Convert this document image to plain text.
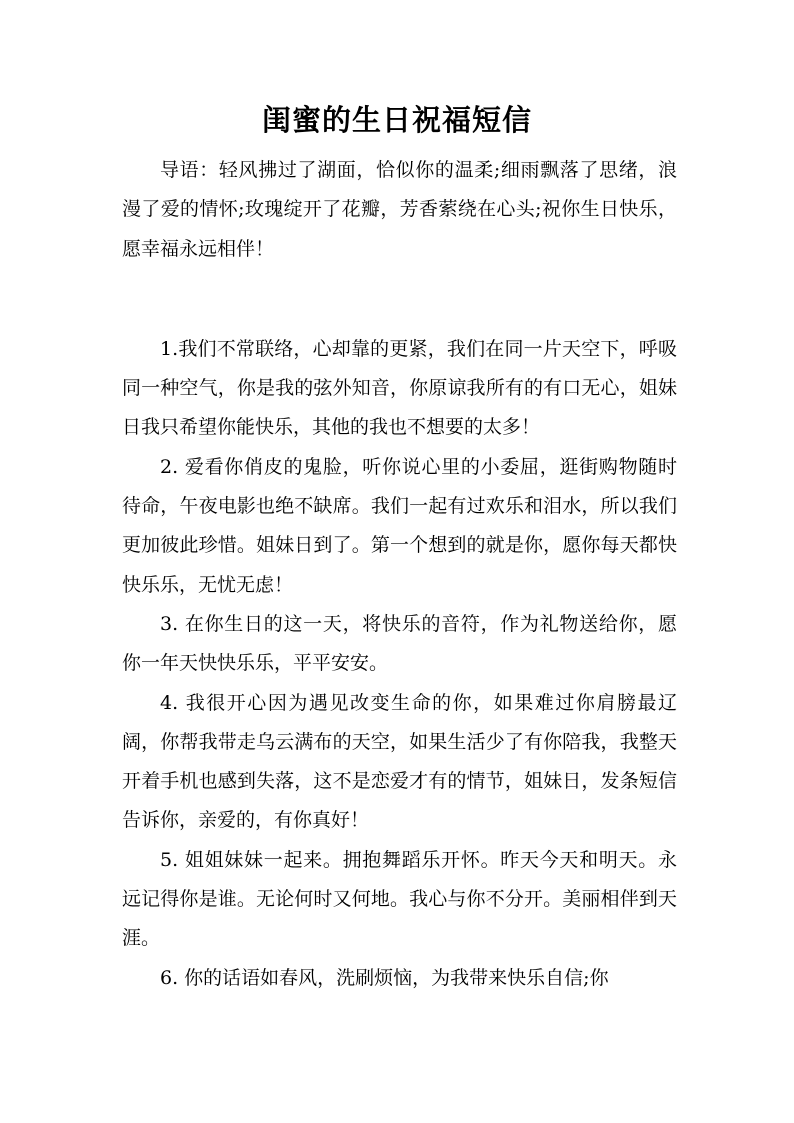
闺蜜的生日祝福短信

导语：轻风拂过了湖面，恰似你的温柔;细雨飘落了思绪，浪漫了爱的情怀;玫瑰绽开了花瓣，芳香萦绕在心头;祝你生日快乐，愿幸福永远相伴！

1.我们不常联络，心却靠的更紧，我们在同一片天空下，呼吸同一种空气，你是我的弦外知音，你原谅我所有的有口无心，姐妹日我只希望你能快乐，其他的我也不想要的太多！

2. 爱看你俏皮的鬼脸，听你说心里的小委屈，逛街购物随时待命，午夜电影也绝不缺席。我们一起有过欢乐和泪水，所以我们更加彼此珍惜。姐妹日到了。第一个想到的就是你，愿你每天都快快乐乐，无忧无虑！

3. 在你生日的这一天，将快乐的音符，作为礼物送给你，愿你一年天快快乐乐，平平安安。

4. 我很开心因为遇见改变生命的你，如果难过你肩膀最辽阔，你帮我带走乌云满布的天空，如果生活少了有你陪我，我整天开着手机也感到失落，这不是恋爱才有的情节，姐妹日，发条短信告诉你，亲爱的，有你真好！

5. 姐姐妹妹一起来。拥抱舞蹈乐开怀。昨天今天和明天。永远记得你是谁。无论何时又何地。我心与你不分开。美丽相伴到天涯。

6. 你的话语如春风，洗刷烦恼，为我带来快乐自信;你
